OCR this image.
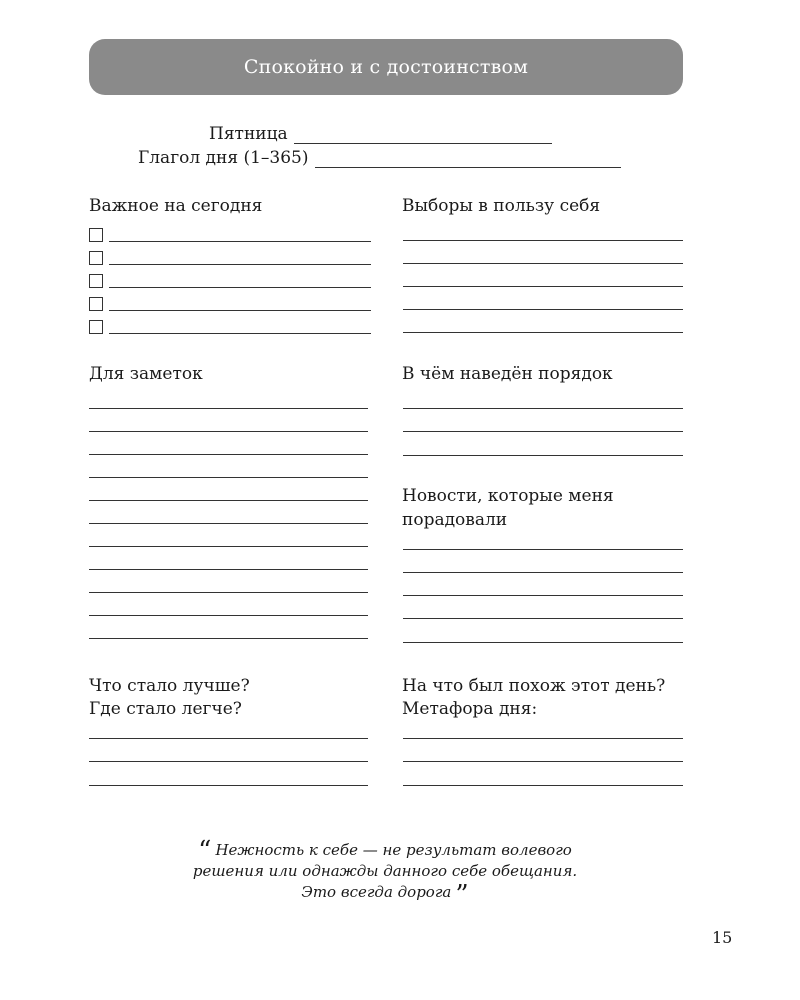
Спокойно и с достоинством
Пятница
Глагол дня (1–365)
Важное на сегодня	Выборы в пользу себя
Для заметок	В чём наведён порядок
Новости, которые меня
порадовали
Что стало лучше?
Где стало легче?
На что был похож этот день?
Метафора дня:
“ Нежность к себе — не результат волевого
решения или однажды данного себе обещания.
Это всегда дорога ”
15
